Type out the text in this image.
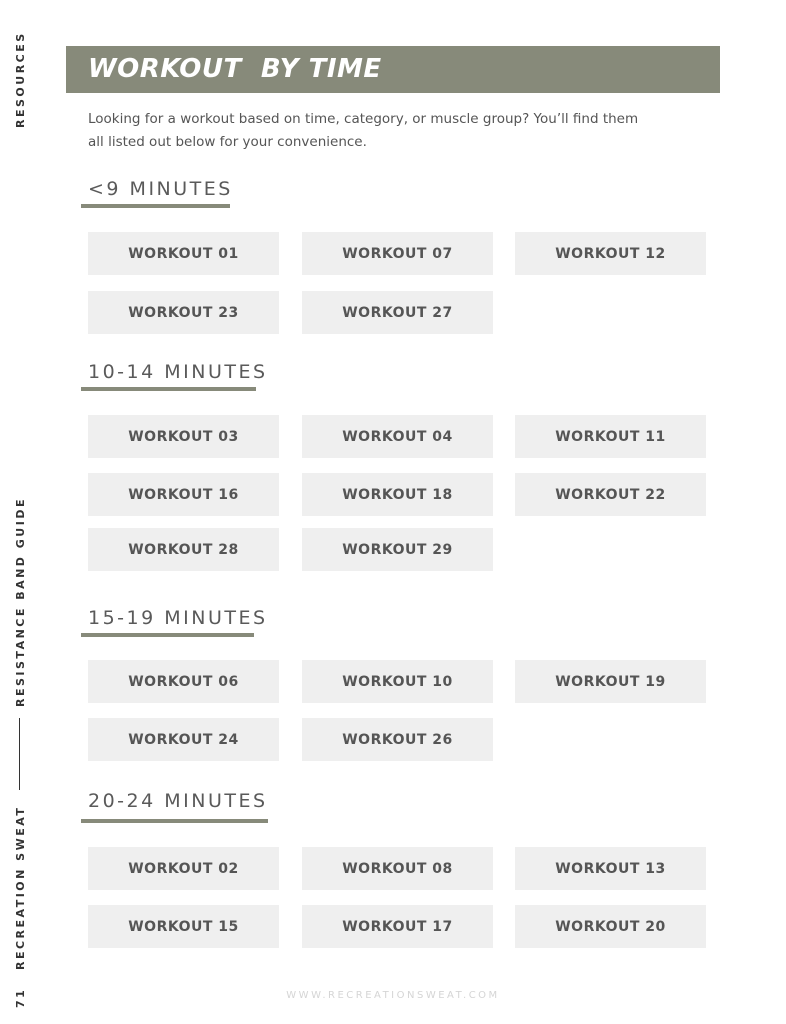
RESOURCES
RESISTANCE BAND GUIDE
RECREATION SWEAT
71
WORKOUT  BY TIME
Looking for a workout based on time, category, or muscle group? You’ll find them
all listed out below for your convenience.
<9 MINUTES
WORKOUT 01	WORKOUT 07	WORKOUT 12
WORKOUT 23	WORKOUT 27
10-14 MINUTES
WORKOUT 03	WORKOUT 04	WORKOUT 11
WORKOUT 16	WORKOUT 18	WORKOUT 22
WORKOUT 28	WORKOUT 29
15-19 MINUTES
WORKOUT 06	WORKOUT 10	WORKOUT 19
WORKOUT 24	WORKOUT 26
20-24 MINUTES
WORKOUT 02	WORKOUT 08	WORKOUT 13
WORKOUT 15	WORKOUT 17	WORKOUT 20
WWW.RECREATIONSWEAT.COM
